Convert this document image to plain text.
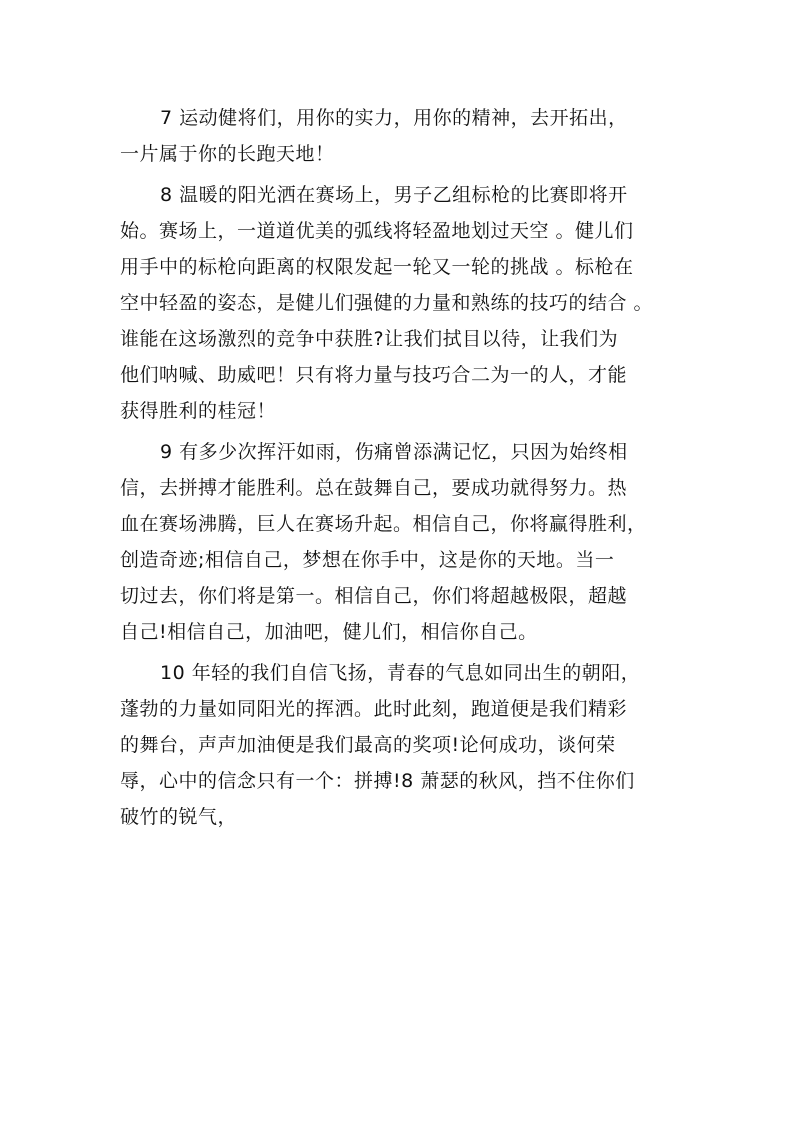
7 运动健将们，用你的实力，用你的精神，去开拓出，
一片属于你的长跑天地！
8 温暖的阳光洒在赛场上，男子乙组标枪的比赛即将开
始。赛场上，一道道优美的弧线将轻盈地划过天空 。健儿们
用手中的标枪向距离的权限发起一轮又一轮的挑战 。标枪在
空中轻盈的姿态，是健儿们强健的力量和熟练的技巧的结合 。
谁能在这场激烈的竞争中获胜?让我们拭目以待，让我们为
他们呐喊、助威吧！只有将力量与技巧合二为一的人，才能
获得胜利的桂冠！
9 有多少次挥汗如雨，伤痛曾添满记忆，只因为始终相
信，去拼搏才能胜利。总在鼓舞自己，要成功就得努力。热
血在赛场沸腾，巨人在赛场升起。相信自己，你将赢得胜利，
创造奇迹;相信自己，梦想在你手中，这是你的天地。当一
切过去，你们将是第一。相信自己，你们将超越极限，超越
自己!相信自己，加油吧，健儿们，相信你自己。
10 年轻的我们自信飞扬，青春的气息如同出生的朝阳，
蓬勃的力量如同阳光的挥洒。此时此刻，跑道便是我们精彩
的舞台，声声加油便是我们最高的奖项!论何成功，谈何荣
辱，心中的信念只有一个：拼搏!8 萧瑟的秋风，挡不住你们
破竹的锐气，
